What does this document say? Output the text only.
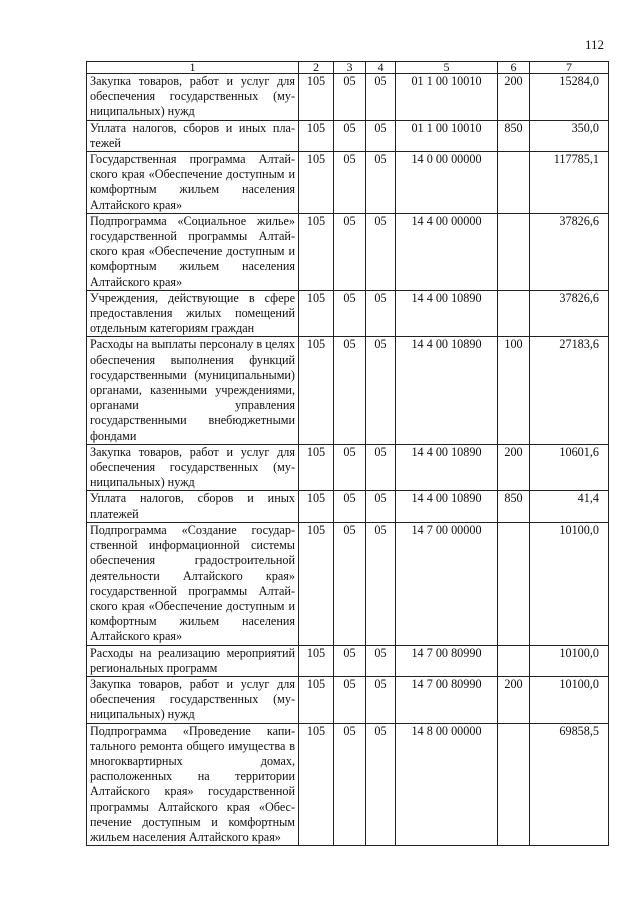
112
1	2	3	4	5	6	7
Закупка товаров, работ и услуг для обеспечения государственных (муниципальных) нужд	105	05	05	01 1 00 10010	200	15284,0
Уплата налогов, сборов и иных платежей	105	05	05	01 1 00 10010	850	350,0
Государственная программа Алтайского края «Обеспечение доступным и комфортным жильем населения Алтайского края»	105	05	05	14 0 00 00000		117785,1
Подпрограмма «Социальное жилье» государственной программы Алтайского края «Обеспечение доступным и комфортным жильем населения Алтайского края»	105	05	05	14 4 00 00000		37826,6
Учреждения, действующие в сфере предоставления жилых помещений отдельным категориям граждан	105	05	05	14 4 00 10890		37826,6
Расходы на выплаты персоналу в целях обеспечения выполнения функций государственными (муниципальными) органами, казенными учреждениями, органами управления государственными внебюджетными фондами	105	05	05	14 4 00 10890	100	27183,6
Закупка товаров, работ и услуг для обеспечения государственных (муниципальных) нужд	105	05	05	14 4 00 10890	200	10601,6
Уплата налогов, сборов и иных платежей	105	05	05	14 4 00 10890	850	41,4
Подпрограмма «Создание государственной информационной системы обеспечения градостроительной деятельности Алтайского края» государственной программы Алтайского края «Обеспечение доступным и комфортным жильем населения Алтайского края»	105	05	05	14 7 00 00000		10100,0
Расходы на реализацию мероприятий региональных программ	105	05	05	14 7 00 80990		10100,0
Закупка товаров, работ и услуг для обеспечения государственных (муниципальных) нужд	105	05	05	14 7 00 80990	200	10100,0
Подпрограмма «Проведение капитального ремонта общего имущества в многоквартирных домах, расположенных на территории Алтайского края» государственной программы Алтайского края «Обеспечение доступным и комфортным жильем населения Алтайского края»	105	05	05	14 8 00 00000		69858,5
